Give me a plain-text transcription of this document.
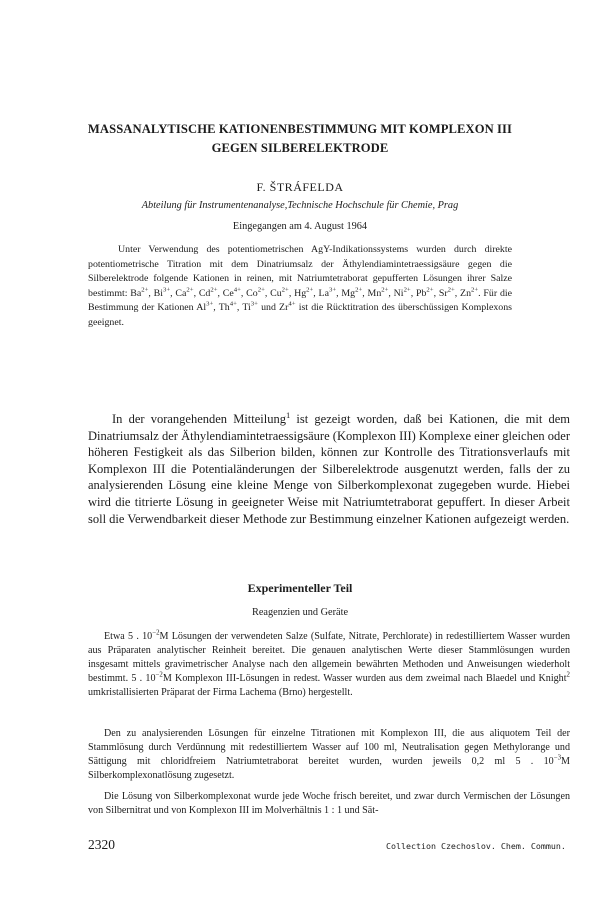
MASSANALYTISCHE KATIONENBESTIMMUNG MIT KOMPLEXON III
GEGEN SILBERELEKTRODE
F. ŠTRÁFELDA
Abteilung für Instrumentenanalyse,Technische Hochschule für Chemie, Prag
Eingegangen am 4. August 1964
Unter Verwendung des potentiometrischen AgY-Indikationssystems wurden durch direkte potentiometrische Titration mit dem Dinatriumsalz der Äthylendiamintetraessigsäure gegen die Silberelektrode folgende Kationen in reinen, mit Natriumtetraborat gepufferten Lösungen ihrer Salze bestimmt: $Ba^{2+}$, $Bi^{3+}$, $Ca^{2+}$, $Cd^{2+}$, $Ce^{4+}$, $Co^{2+}$, $Cu^{2+}$, $Hg^{2+}$, $La^{3+}$, $Mg^{2+}$, $Mn^{2+}$, $Ni^{2+}$, $Pb^{2+}$, $Sr^{2+}$, $Zn^{2+}$. Für die Bestimmung der Kationen $Al^{3+}$, $Th^{4+}$, $Ti^{3+}$ und $Zr^{4+}$ ist die Rücktitration des überschüssigen Komplexons geeignet.
In der vorangehenden Mitteilung$^1$ ist gezeigt worden, daß bei Kationen, die mit dem Dinatriumsalz der Äthylendiamintetraessigsäure (Komplexon III) Komplexe einer gleichen oder höheren Festigkeit als das Silberion bilden, können zur Kontrolle des Titrationsverlaufs mit Komplexon III die Potentialänderungen der Silberelektrode ausgenutzt werden, falls der zu analysierenden Lösung eine kleine Menge von Silberkomplexonat zugegeben wurde. Hiebei wird die titrierte Lösung in geeigneter Weise mit Natriumtetraborat gepuffert. In dieser Arbeit soll die Verwendbarkeit dieser Methode zur Bestimmung einzelner Kationen aufgezeigt werden.
Experimenteller Teil
Reagenzien und Geräte
Etwa 5 . $10^{-2}M$ Lösungen der verwendeten Salze (Sulfate, Nitrate, Perchlorate) in redestilliertem Wasser wurden aus Präparaten analytischer Reinheit bereitet. Die genauen analytischen Werte dieser Stammlösungen wurden insgesamt mittels gravimetrischer Analyse nach den allgemein bewährten Methoden und Anweisungen wiederholt bestimmt. 5 . $10^{-2}M$ Komplexon III-Lösungen in redest. Wasser wurden aus dem zweimal nach Blaedel und Knight$^2$ umkristallisierten Präparat der Firma Lachema (Brno) hergestellt.
Den zu analysierenden Lösungen für einzelne Titrationen mit Komplexon III, die aus aliquotem Teil der Stammlösung durch Verdünnung mit redestilliertem Wasser auf 100 ml, Neutralisation gegen Methylorange und Sättigung mit chloridfreiem Natriumtetraborat bereitet wurden, wurden jeweils 0,2 ml 5 . $10^{-3}M$ Silberkomplexonatlösung zugesetzt.
Die Lösung von Silberkomplexonat wurde jede Woche frisch bereitet, und zwar durch Vermischen der Lösungen von Silbernitrat und von Komplexon III im Molverhältnis 1 : 1 und Sät-
2320	Collection Czechoslov. Chem. Commun.
